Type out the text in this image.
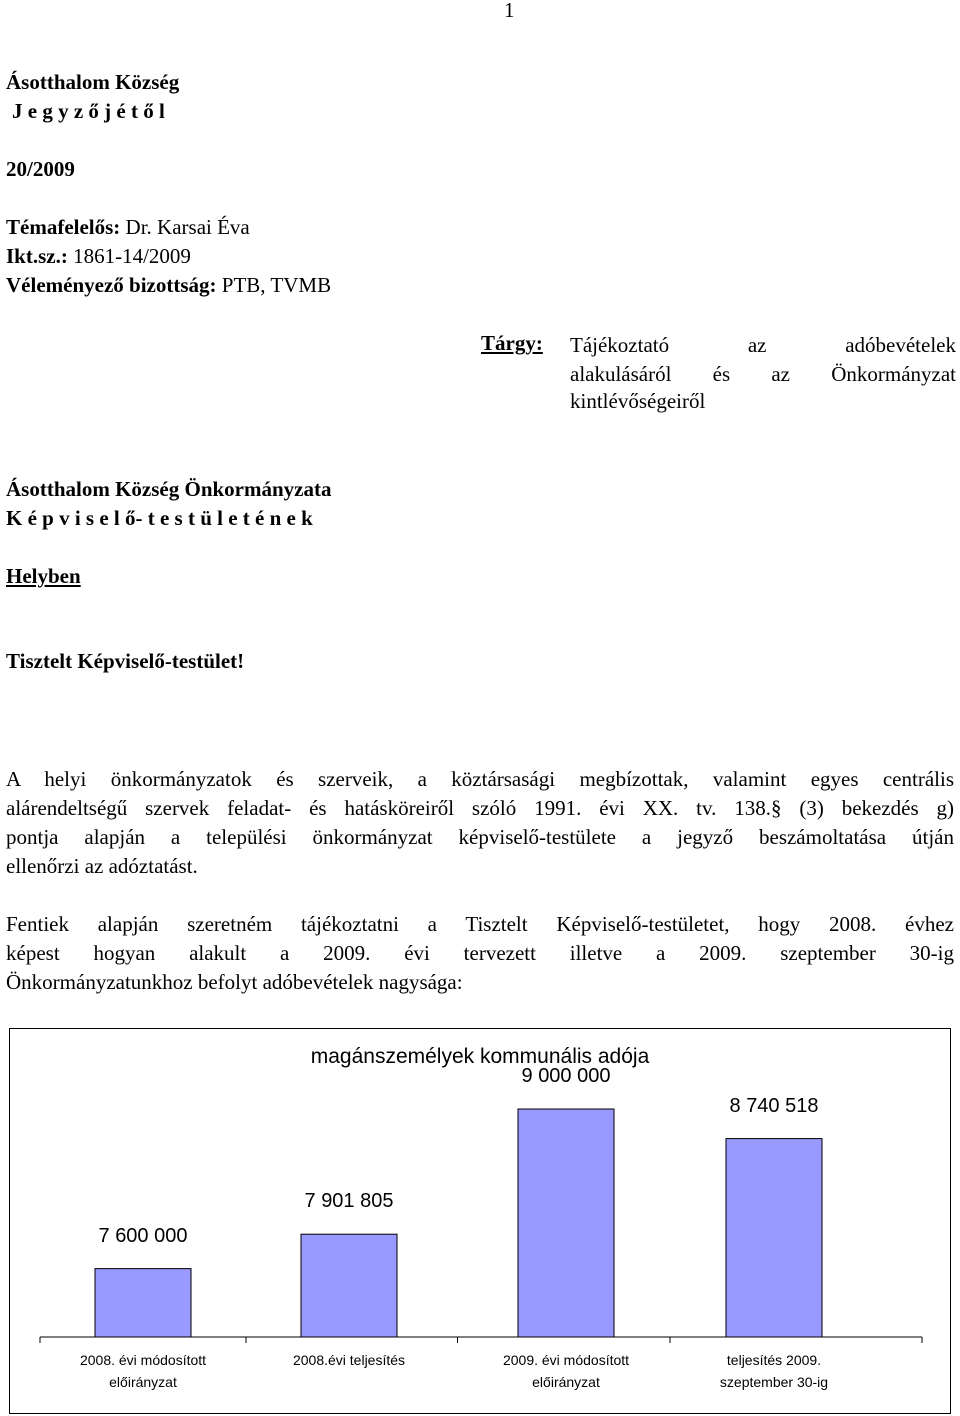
1
Ásotthalom Község
J e g y z ő j é t ő l
20/2009
Témafelelős: Dr. Karsai Éva
Ikt.sz.: 1861-14/2009
Véleményező bizottság: PTB, TVMB
Tárgy: Tájékoztató az adóbevételek
alakulásáról és az Önkormányzat
kintlévőségeiről
Ásotthalom Község Önkormányzata
K é p v i s e l ő- t e s t ü l e t é n e k
Helyben
Tisztelt Képviselő-testület!
A helyi önkormányzatok és szerveik, a köztársasági megbízottak, valamint egyes centrális
alárendeltségű szervek feladat- és hatásköreiről szóló 1991. évi XX. tv. 138.§ (3) bekezdés g)
pontja alapján a települési önkormányzat képviselő-testülete a jegyző beszámoltatása útján
ellenőrzi az adóztatást.
Fentiek alapján szeretném tájékoztatni a Tisztelt Képviselő-testületet, hogy 2008. évhez
képest hogyan alakult a 2009. évi tervezett illetve a 2009. szeptember 30-ig
Önkormányzatunkhoz befolyt adóbevételek nagysága:
magánszemélyek kommunális adója
7 600 000
2008. évi módosított
előirányzat
7 901 805
2008.évi teljesítés

9 000 000
2009. évi módosított
előirányzat
8 740 518
teljesítés 2009.
szeptember 30-ig
